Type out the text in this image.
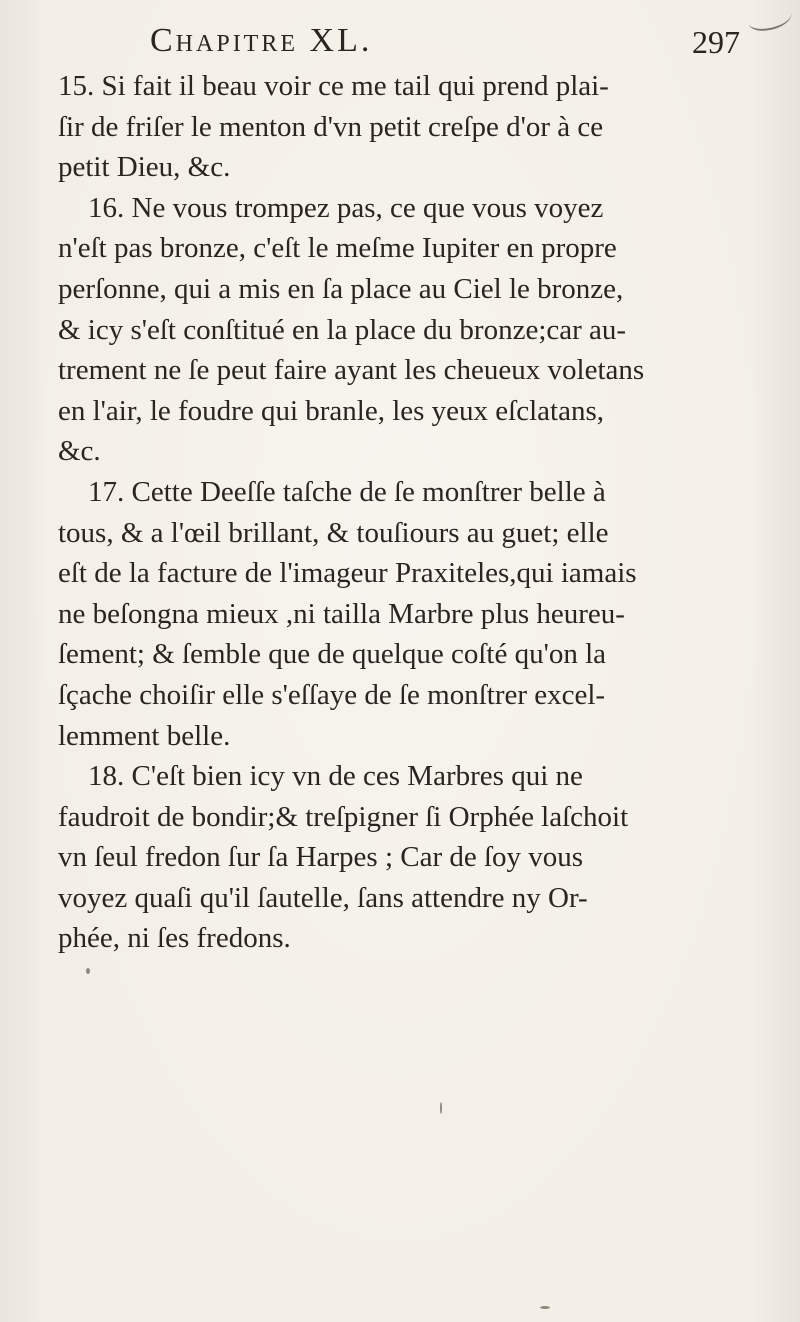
Chapitre XL.	297

15. Si fait il beau voir ce me tail qui prend plai-
ſir de friſer le menton d'vn petit creſpe d'or à ce
petit Dieu, &c.

16. Ne vous trompez pas, ce que vous voyez
n'eſt pas bronze, c'eſt le meſme Iupiter en propre
perſonne, qui a mis en ſa place au Ciel le bronze,
& icy s'eſt conſtitué en la place du bronze;car au-
trement ne ſe peut faire ayant les cheueux voletans
en l'air, le foudre qui branle, les yeux eſclatans,
&c.

17. Cette Deeſſe taſche de ſe monſtrer belle à
tous, & a l'œil brillant, & touſiours au guet; elle
eſt de la facture de l'imageur Praxiteles,qui iamais
ne beſongna mieux ,ni tailla Marbre plus heureu-
ſement; & ſemble que de quelque coſté qu'on la
ſçache choiſir elle s'eſſaye de ſe monſtrer excel-
lemment belle.

18. C'eſt bien icy vn de ces Marbres qui ne
faudroit de bondir;& treſpigner ſi Orphée laſchoit
vn ſeul fredon ſur ſa Harpes ; Car de ſoy vous
voyez quaſi qu'il ſautelle, ſans attendre ny Or-
phée, ni ſes fredons.
